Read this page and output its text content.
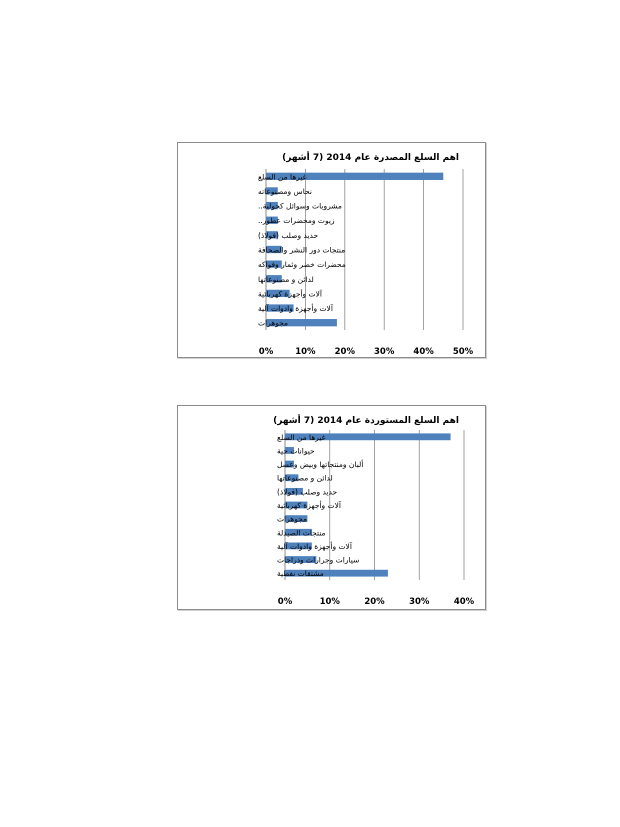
اهم السلع المصدرة عام 2014 (7 أشهر)
0%	10% 20% 30% 40% 50%
غيرها من السلع
نحاس ومصنوعاته
مشروبات وسوائل كحولية..
زيوت ومحضرات عطور..
حديد وصلب (فولاذ)
منتجات دور النشر والصحافة
محضرات خضر وثمار وفواكه
لدائن و مصنوعاتها
آلات وأجهزة كهربائية
آلات وأجهزة وادوات آلية
مجوهرات
اهم السلع المستوردة عام 2014 (7 أشهر)
0%	10%	20%	30%	40%
غيرها من السلع
حيوانات حية
ألبان ومنتجاتها وبيض وعسل
لدائن و مصنوعاتها
حديد وصلب (فولاذ)
آلات وأجهزة كهربائية
مجوهرات
منتجات الصيدلة
آلات وأجهزة وادوات آلية
سيارات وجرارات ودراجات
مشتقات نفطية
